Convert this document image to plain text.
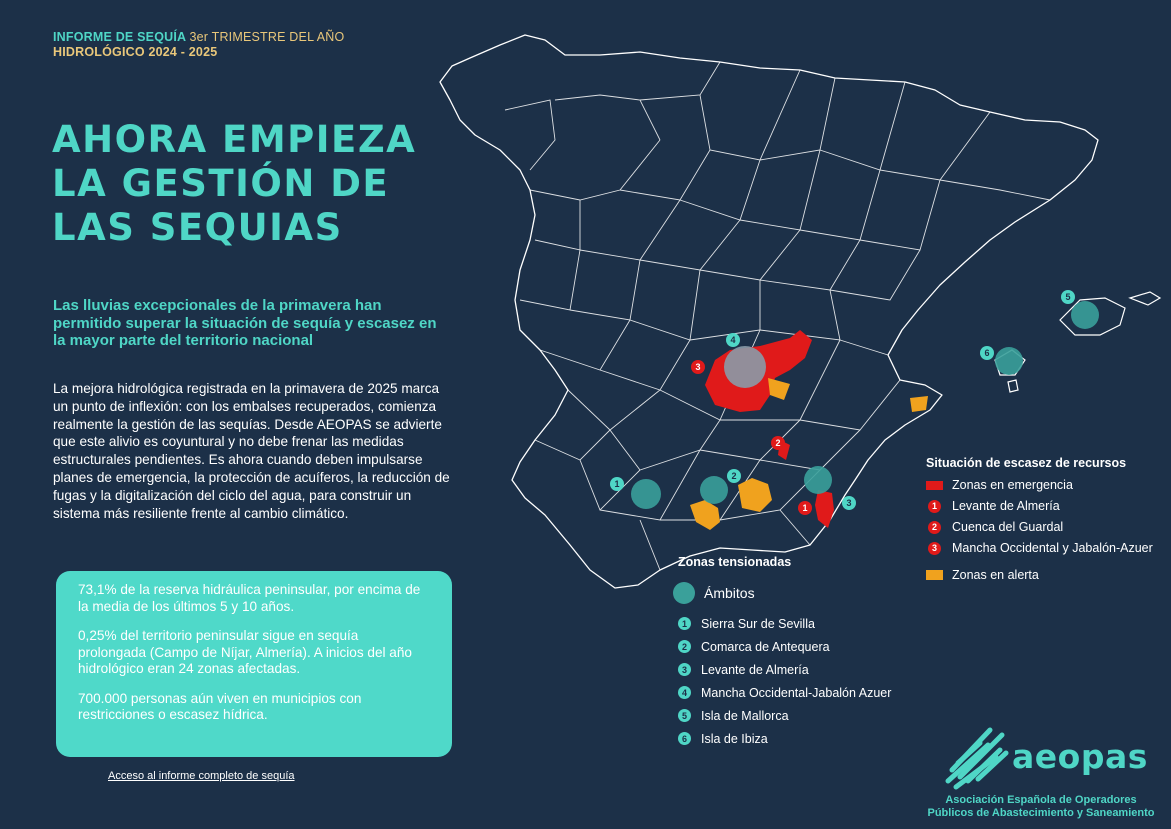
INFORME DE SEQUÍA 3er TRIMESTRE DEL AÑO
HIDROLÓGICO 2024 - 2025
AHORA EMPIEZA
LA GESTIÓN DE
LAS SEQUIAS

Las lluvias excepcionales de la primavera han permitido superar la situación de sequía y escasez en la mayor parte del territorio nacional

La mejora hidrológica registrada en la primavera de 2025 marca un punto de inflexión: con los embalses recuperados, comienza realmente la gestión de las sequías. Desde AEOPAS se advierte que este alivio es coyuntural y no debe frenar las medidas estructurales pendientes. Es ahora cuando deben impulsarse planes de emergencia, la protección de acuíferos, la reducción de fugas y la digitalización del ciclo del agua, para construir un sistema más resiliente frente al cambio climático.

73,1% de la reserva hidráulica peninsular, por encima de la media de los últimos 5 y 10 años.

0,25% del territorio peninsular sigue en sequía prolongada (Campo de Níjar, Almería). A inicios del año hidrológico eran 24 zonas afectadas.

700.000 personas aún viven en municipios con restricciones o escasez hídrica.

Acceso al informe completo de sequía
1
2
3
4
5
6
1
2
3
Zonas tensionadas
Ámbitos
1	Sierra Sur de Sevilla
2	Comarca de Antequera
3	Levante de Almería
4	Mancha Occidental-Jabalón Azuer
5	Isla de Mallorca
6	Isla de Ibiza
Situación de escasez de recursos
Zonas en emergencia
1	Levante de Almería
2	Cuenca del Guardal
3	Mancha Occidental y Jabalón-Azuer
Zonas en alerta
aeopas
Asociación Española de Operadores
Públicos de Abastecimiento y Saneamiento
